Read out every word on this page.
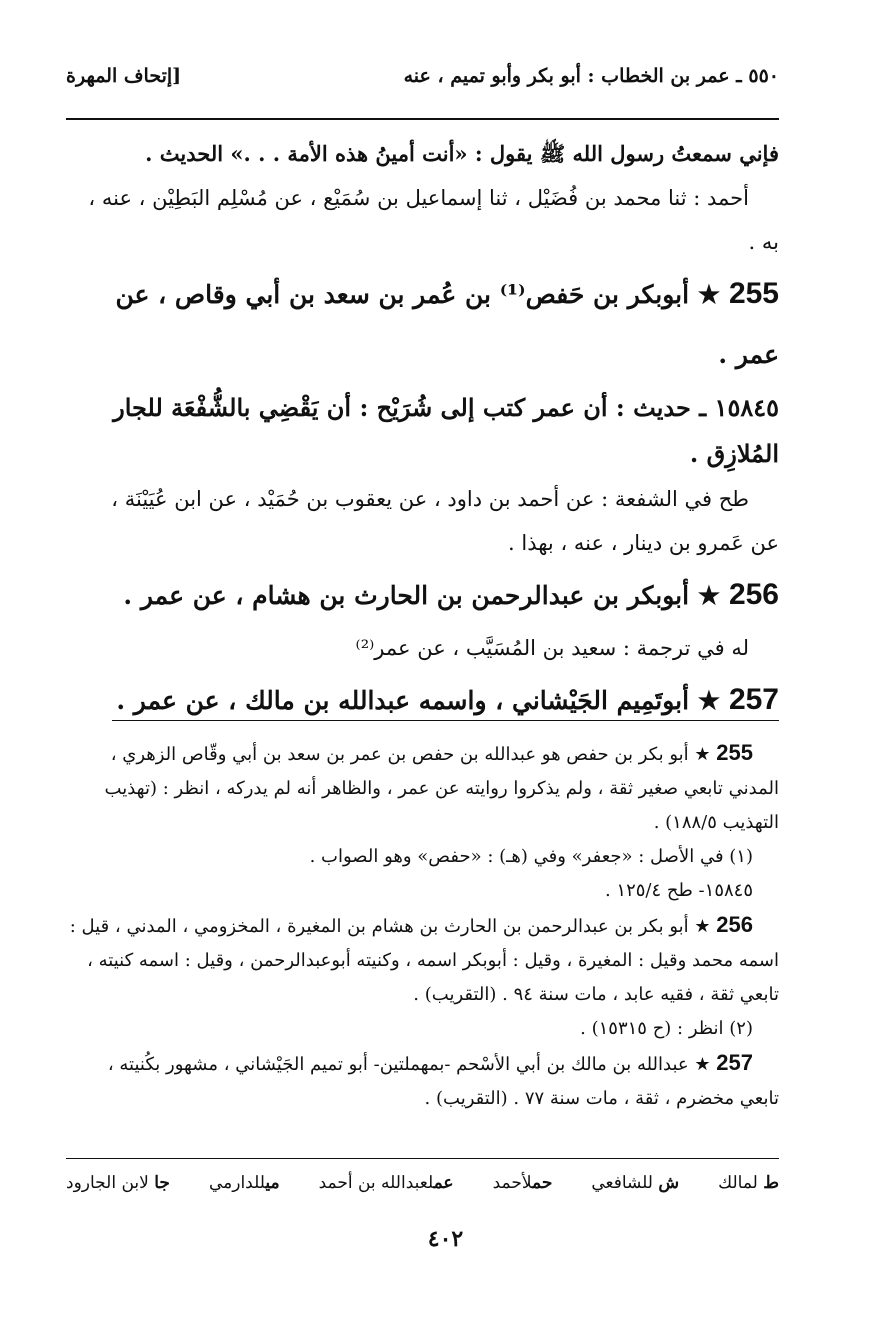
٥٥٠ ـ عمر بن الخطاب : أبو بكر وأبو تميم ، عنه
[إتحاف المهرة

فإني سمعتُ رسول الله ﷺ يقول : «أنت أمينُ هذه الأمة . . .» الحديث .

أحمد : ثنا محمد بن فُضَيْل ، ثنا إسماعيل بن سُمَيْع ، عن مُسْلِم البَطِيْن ، عنه ،

به .

255 ★ أبوبكر بن حَفص⁽¹⁾ بن عُمر بن سعد بن أبي وقاص ، عن عمر .

١٥٨٤٥ ـ حديث : أن عمر كتب إلى شُرَيْح : أن يَقْضِي بالشُّفْعَة للجار

المُلازِق .

طح في الشفعة : عن أحمد بن داود ، عن يعقوب بن حُمَيْد ، عن ابن عُيَيْنَة ،

عن عَمرو بن دينار ، عنه ، بهذا .

256 ★ أبوبكر بن عبدالرحمن بن الحارث بن هشام ، عن عمر .

له في ترجمة : سعيد بن المُسَيَّب ، عن عمر⁽²⁾

257 ★ أبوتَمِيم الجَيْشاني ، واسمه عبدالله بن مالك ، عن عمر .

255 ★ أبو بكر بن حفص هو عبدالله بن حفص بن عمر بن سعد بن أبي وقّاص الزهري ،

المدني تابعي صغير ثقة ، ولم يذكروا روايته عن عمر ، والظاهر أنه لم يدركه ، انظر : (تهذيب

التهذيب ١٨٨/٥) .

(١) في الأصل : «جعفر» وفي (هـ) : «حفص» وهو الصواب .

١٥٨٤٥- طح ١٢٥/٤ .

256 ★ أبو بكر بن عبدالرحمن بن الحارث بن هشام بن المغيرة ، المخزومي ، المدني ، قيل :

اسمه محمد وقيل : المغيرة ، وقيل : أبوبكر اسمه ، وكنيته أبوعبدالرحمن ، وقيل : اسمه كنيته ،

تابعي ثقة ، فقيه عابد ، مات سنة ٩٤ . (التقريب) .

(٢) انظر : (ح ١٥٣١٥) .

257 ★ عبدالله بن مالك بن أبي الأسْحم -بمهملتين- أبو تميم الجَيْشاني ، مشهور بكُنيته ،

تابعي مخضرم ، ثقة ، مات سنة ٧٧ . (التقريب) .

ط لمالك
ش للشافعي
حملأحمد
عملعبدالله بن أحمد
ميللدارمي
جا لابن الجارود
٤٠٢
